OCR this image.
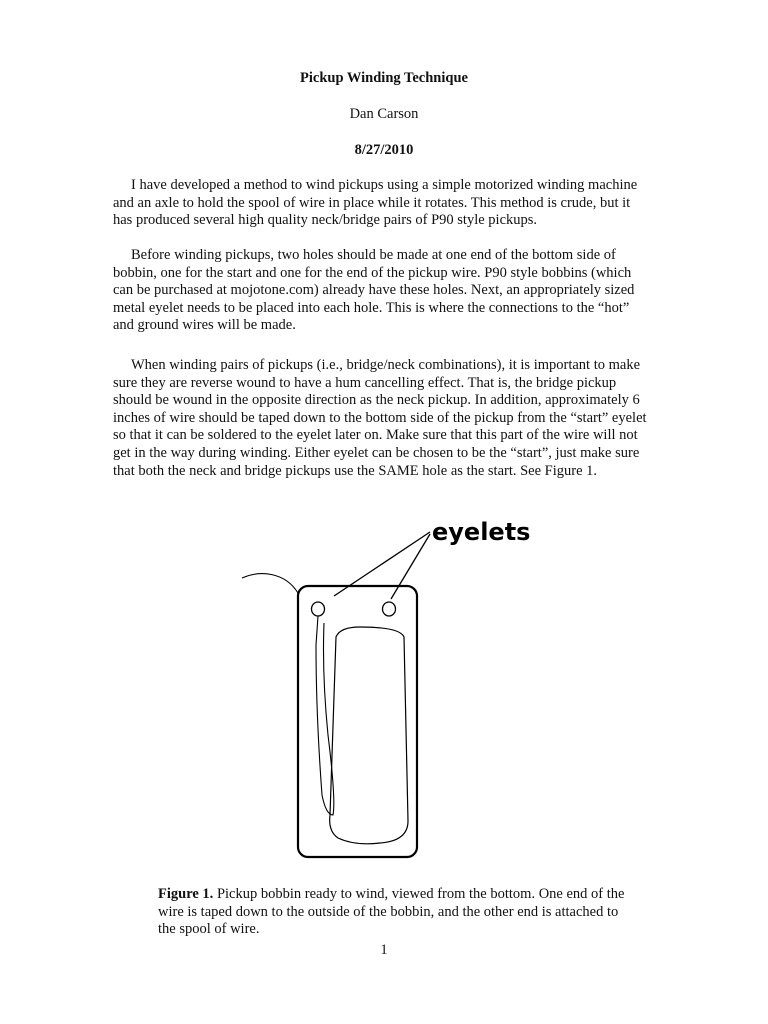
Pickup Winding Technique
Dan Carson
8/27/2010

I have developed a method to wind pickups using a simple motorized winding machine and an axle to hold the spool of wire in place while it rotates. This method is crude, but it has produced several high quality neck/bridge pairs of P90 style pickups.

Before winding pickups, two holes should be made at one end of the bottom side of bobbin, one for the start and one for the end of the pickup wire. P90 style bobbins (which can be purchased at mojotone.com) already have these holes. Next, an appropriately sized metal eyelet needs to be placed into each hole. This is where the connections to the “hot” and ground wires will be made.

When winding pairs of pickups (i.e., bridge/neck combinations), it is important to make sure they are reverse wound to have a hum cancelling effect. That is, the bridge pickup should be wound in the opposite direction as the neck pickup. In addition, approximately 6 inches of wire should be taped down to the bottom side of the pickup from the “start” eyelet so that it can be soldered to the eyelet later on. Make sure that this part of the wire will not get in the way during winding. Either eyelet can be chosen to be the “start”, just make sure that both the neck and bridge pickups use the SAME hole as the start. See Figure 1.

eyelets

Figure 1. Pickup bobbin ready to wind, viewed from the bottom. One end of the wire is taped down to the outside of the bobbin, and the other end is attached to the spool of wire.

1
